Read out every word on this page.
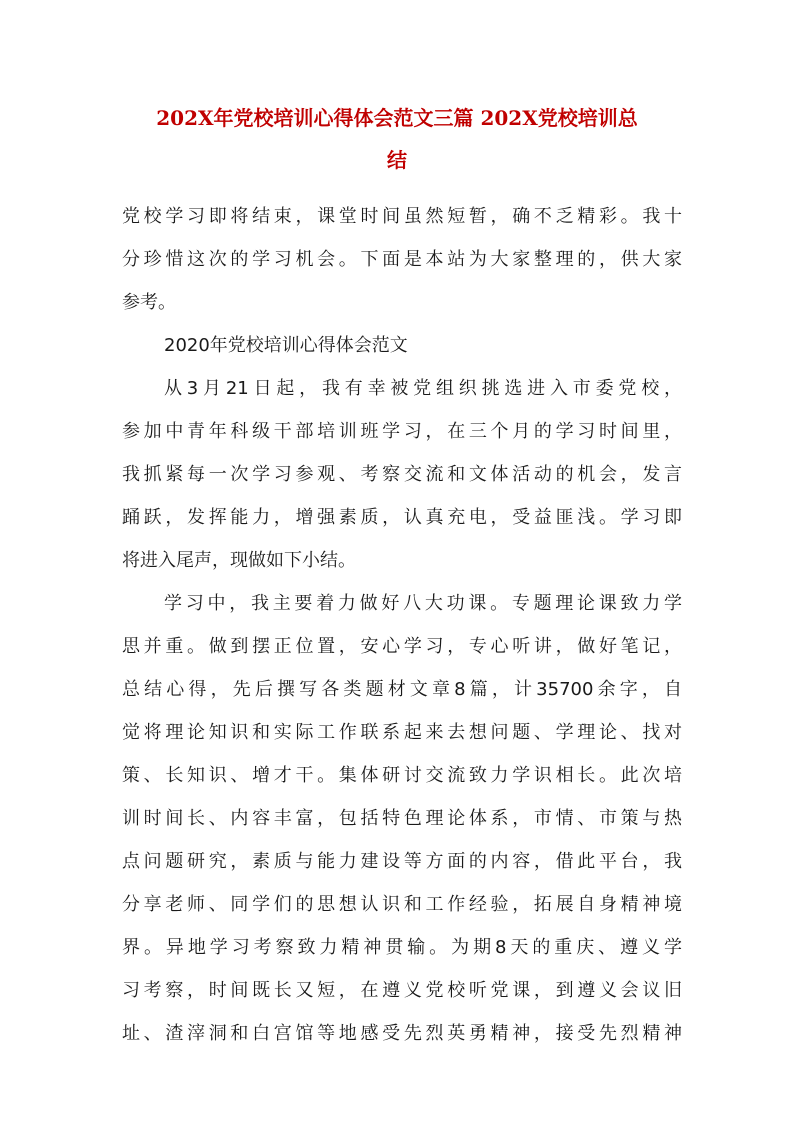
202X年党校培训心得体会范文三篇 202X党校培训总
结
党校学习即将结束，课堂时间虽然短暂，确不乏精彩。我十
分珍惜这次的学习机会。下面是本站为大家整理的，供大家
参考。
2020年党校培训心得体会范文
从3月21日起，我有幸被党组织挑选进入市委党校，
参加中青年科级干部培训班学习，在三个月的学习时间里，
我抓紧每一次学习参观、考察交流和文体活动的机会，发言
踊跃，发挥能力，增强素质，认真充电，受益匪浅。学习即
将进入尾声，现做如下小结。
学习中，我主要着力做好八大功课。专题理论课致力学
思并重。做到摆正位置，安心学习，专心听讲，做好笔记，
总结心得，先后撰写各类题材文章8篇，计35700余字，自
觉将理论知识和实际工作联系起来去想问题、学理论、找对
策、长知识、增才干。集体研讨交流致力学识相长。此次培
训时间长、内容丰富，包括特色理论体系，市情、市策与热
点问题研究，素质与能力建设等方面的内容，借此平台，我
分享老师、同学们的思想认识和工作经验，拓展自身精神境
界。异地学习考察致力精神贯输。为期8天的重庆、遵义学
习考察，时间既长又短，在遵义党校听党课，到遵义会议旧
址、渣滓洞和白宫馆等地感受先烈英勇精神，接受先烈精神
